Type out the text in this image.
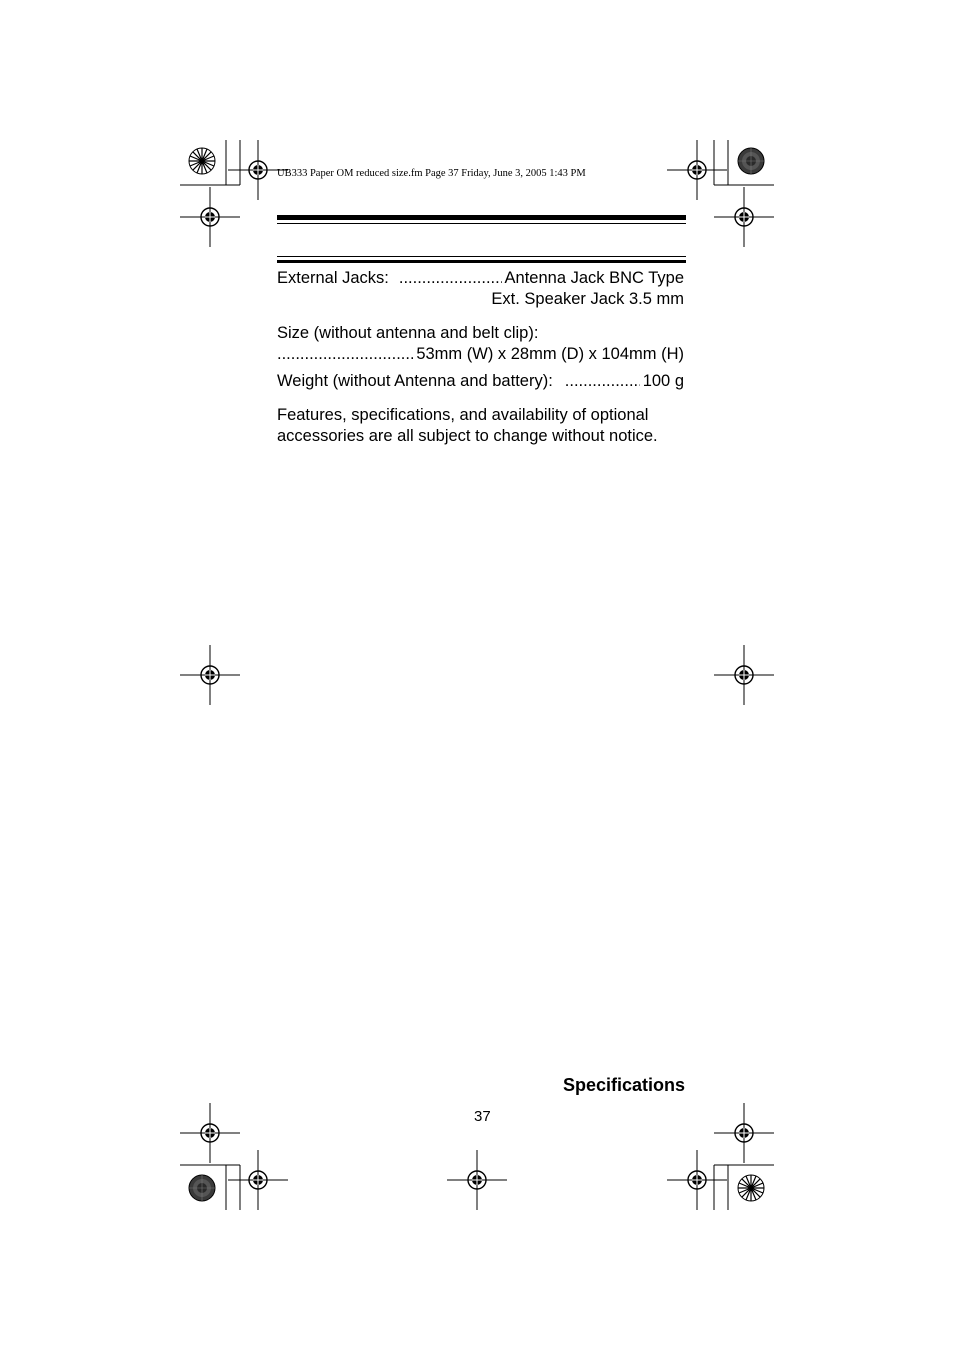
UB333 Paper OM reduced size.fm Page 37 Friday, June 3, 2005 1:43 PM
External Jacks: .....	Antenna Jack BNC Type
Ext. Speaker Jack 3.5 mm
Size (without antenna and belt clip):
.....
53mm (W) x 28mm (D) x 104mm (H)
Weight (without Antenna and battery): .....	100 g
Features, specifications, and availability of optional
accessories are all subject to change without notice.
Specifications
37
